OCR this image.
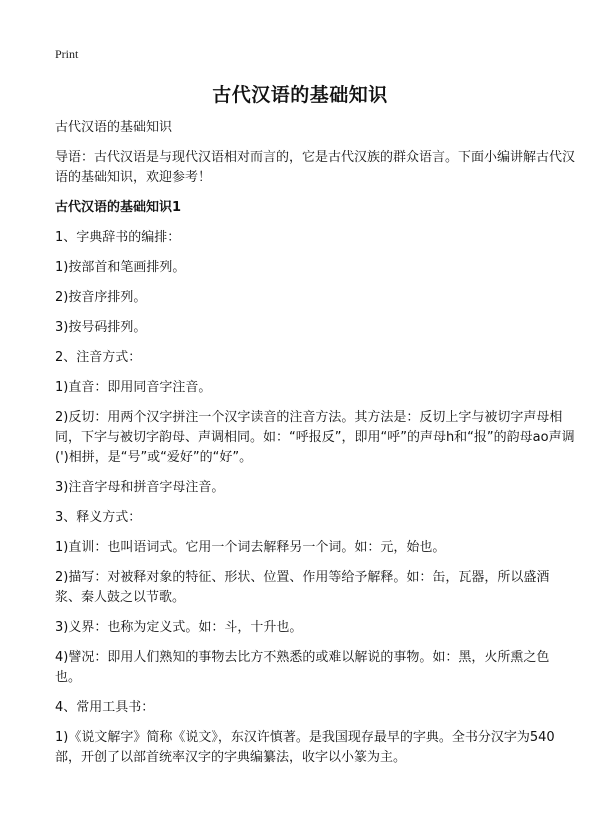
Print
古代汉语的基础知识

古代汉语的基础知识

导语：古代汉语是与现代汉语相对而言的，它是古代汉族的群众语言。下面小编讲解古代汉语的基础知识，欢迎参考！

古代汉语的基础知识1

1、字典辞书的编排：

1)按部首和笔画排列。

2)按音序排列。

3)按号码排列。

2、注音方式：

1)直音：即用同音字注音。

2)反切：用两个汉字拼注一个汉字读音的注音方法。其方法是：反切上字与被切字声母相同，下字与被切字韵母、声调相同。如：“呼报反”，即用“呼”的声母h和“报”的韵母ao声调(')相拼，是“号”或“爱好”的“好”。

3)注音字母和拼音字母注音。

3、释义方式：

1)直训：也叫语词式。它用一个词去解释另一个词。如：元，始也。

2)描写：对被释对象的特征、形状、位置、作用等给予解释。如：缶，瓦器，所以盛酒浆、秦人鼓之以节歌。

3)义界：也称为定义式。如：斗，十升也。

4)譬况：即用人们熟知的事物去比方不熟悉的或难以解说的事物。如：黑，火所熏之色也。

4、常用工具书：

1)《说文解字》简称《说文》，东汉许慎著。是我国现存最早的字典。全书分汉字为540部，开创了以部首统率汉字的字典编纂法，收字以小篆为主。
